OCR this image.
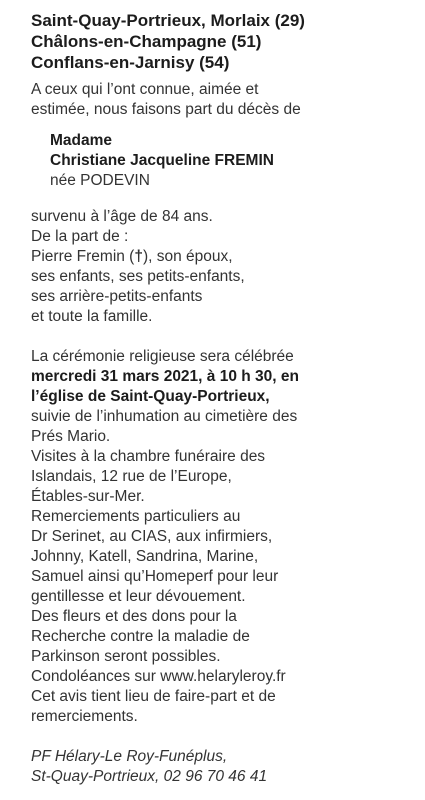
Saint-Quay-Portrieux, Morlaix (29)
Châlons-en-Champagne (51)
Conflans-en-Jarnisy (54)
A ceux qui l’ont connue, aimée et
estimée, nous faisons part du décès de
Madame
Christiane Jacqueline FREMIN
née PODEVIN
survenu à l’âge de 84 ans.
De la part de :
Pierre Fremin (†), son époux,
ses enfants, ses petits-enfants,
ses arrière-petits-enfants
et toute la famille.
La cérémonie religieuse sera célébrée
mercredi 31 mars 2021, à 10 h 30, en
l’église de Saint-Quay-Portrieux,
suivie de l’inhumation au cimetière des
Prés Mario.
Visites à la chambre funéraire des
Islandais, 12 rue de l’Europe,
Étables-sur-Mer.
Remerciements particuliers au
Dr Serinet, au CIAS, aux infirmiers,
Johnny, Katell, Sandrina, Marine,
Samuel ainsi qu’Homeperf pour leur
gentillesse et leur dévouement.
Des fleurs et des dons pour la
Recherche contre la maladie de
Parkinson seront possibles.
Condoléances sur www.helaryleroy.fr
Cet avis tient lieu de faire-part et de
remerciements.
PF Hélary-Le Roy-Funéplus,
St-Quay-Portrieux, 02 96 70 46 41
